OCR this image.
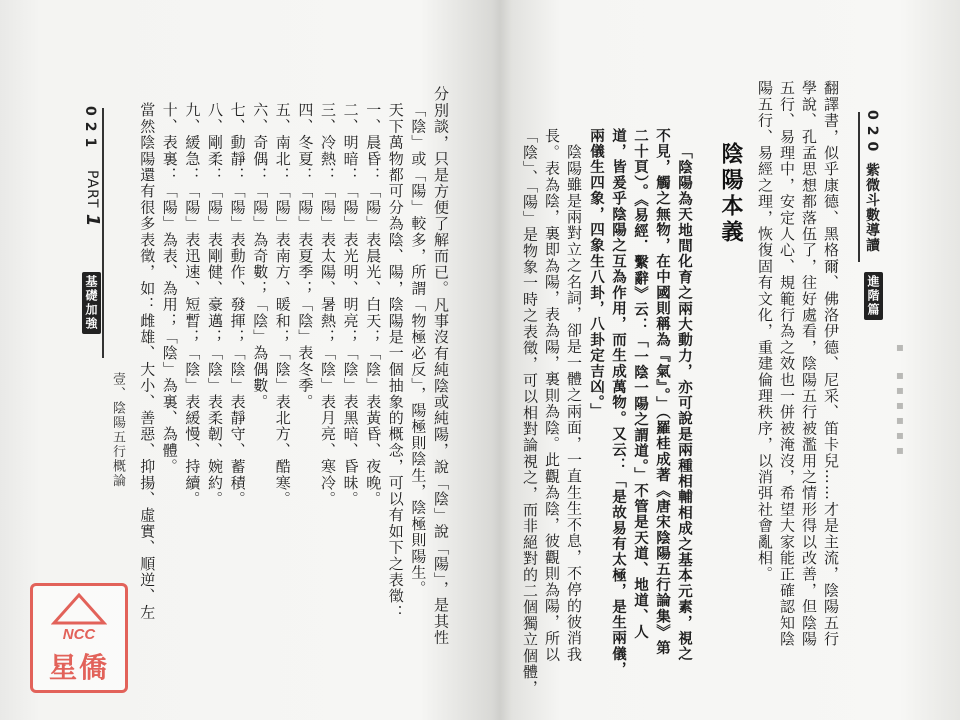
021
PART 1
基礎加強
壹、陰陽五行概論	分別談，只是方便了解而已。凡事沒有純陰或純陽，說「陰」說「陽」，是其性
「陰」或「陽」較多，所謂「物極必反」，陽極則陰生，陰極則陽生。
天下萬物都可分為陰、陽，陰陽是一個抽象的概念，可以有如下之表徵：
一、晨昏：「陽」表晨光、白天；「陰」表黃昏、夜晚。
二、明暗：「陽」表光明、明亮；「陰」表黑暗、昏昧。
三、冷熱：「陽」表太陽、暑熱；「陰」表月亮、寒冷。
四、冬夏：「陽」表夏季；「陰」表冬季。
五、南北：「陽」表南方、暖和；「陰」表北方、酷寒。
六、奇偶：「陽」為奇數；「陰」為偶數。
七、動靜：「陽」表動作、發揮；「陰」表靜守、蓄積。
八、剛柔：「陽」表剛健、豪邁；「陰」表柔韌、婉約。
九、緩急：「陽」表迅速、短暫；「陰」表緩慢、持續。
十、表裏：「陽」為表、為用；「陰」為裏、為體。
當然陰陽還有很多表徵，如：雌雄、大小、善惡、抑揚、虛實、順逆、左	020 紫微斗數導讀
進階篇
▪　▪▪▪▪▪▪
陰陽本義	翻譯書，似乎康德、黑格爾、佛洛伊德、尼采、笛卡兒……才是主流，陰陽五行
學說、孔孟思想都落伍了，往好處看，陰陽五行被濫用之情形得以改善，但陰陽
五行、易理中，安定人心、規範行為之效也一併被淹沒，希望大家能正確認知陰
陽五行、易經之理，恢復固有文化，重建倫理秩序，以消弭社會亂相。
「陰陽為天地間化育之兩大動力，亦可說是兩種相輔相成之基本元素，視之
不見，觸之無物，在中國則稱為『氣』。」（羅桂成著《唐宋陰陽五行論集》第
二十頁）。《易經．繫辭》云：「一陰一陽之謂道。」不管是天道、地道、人
道，皆爰乎陰陽之互為作用，而生成萬物。又云：「是故易有太極，是生兩儀，
兩儀生四象，四象生八卦，八卦定吉凶。」
陰陽雖是兩對立之名詞，卻是一體之兩面，一直生生不息，不停的彼消我
長。表為陰，裏即為陽，表為陽，裏則為陰。此觀為陰，彼觀則為陽，所以
「陰」、「陽」是物象一時之表徵，可以相對論視之，而非絕對的二個獨立個體，
NCC
星僑
